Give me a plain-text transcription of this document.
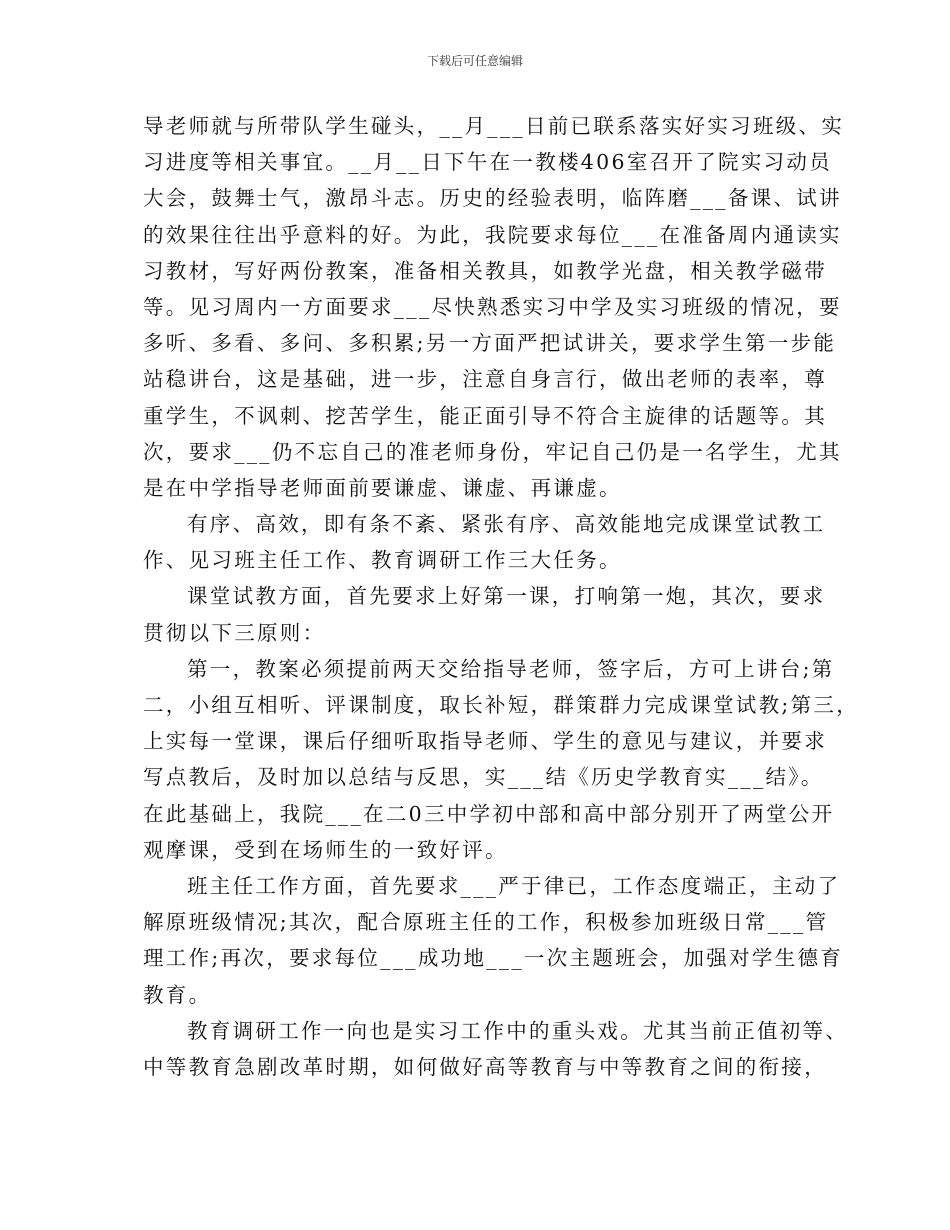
下载后可任意编辑
导老师就与所带队学生碰头，__月___日前已联系落实好实习班级、实
习进度等相关事宜。__月__日下午在一教楼406室召开了院实习动员
大会，鼓舞士气，激昂斗志。历史的经验表明，临阵磨___备课、试讲
的效果往往出乎意料的好。为此，我院要求每位___在准备周内通读实
习教材，写好两份教案，准备相关教具，如教学光盘，相关教学磁带
等。见习周内一方面要求___尽快熟悉实习中学及实习班级的情况，要
多听、多看、多问、多积累;另一方面严把试讲关，要求学生第一步能
站稳讲台，这是基础，进一步，注意自身言行，做出老师的表率，尊
重学生，不讽刺、挖苦学生，能正面引导不符合主旋律的话题等。其
次，要求___仍不忘自己的准老师身份，牢记自己仍是一名学生，尤其
是在中学指导老师面前要谦虚、谦虚、再谦虚。
有序、高效，即有条不紊、紧张有序、高效能地完成课堂试教工
作、见习班主任工作、教育调研工作三大任务。
课堂试教方面，首先要求上好第一课，打响第一炮，其次，要求
贯彻以下三原则：
第一，教案必须提前两天交给指导老师，签字后，方可上讲台;第
二，小组互相听、评课制度，取长补短，群策群力完成课堂试教;第三，
上实每一堂课，课后仔细听取指导老师、学生的意见与建议，并要求
写点教后，及时加以总结与反思，实___结《历史学教育实___结》。
在此基础上，我院___在二0三中学初中部和高中部分别开了两堂公开
观摩课，受到在场师生的一致好评。
班主任工作方面，首先要求___严于律已，工作态度端正，主动了
解原班级情况;其次，配合原班主任的工作，积极参加班级日常___管
理工作;再次，要求每位___成功地___一次主题班会，加强对学生德育
教育。
教育调研工作一向也是实习工作中的重头戏。尤其当前正值初等、
中等教育急剧改革时期，如何做好高等教育与中等教育之间的衔接，
